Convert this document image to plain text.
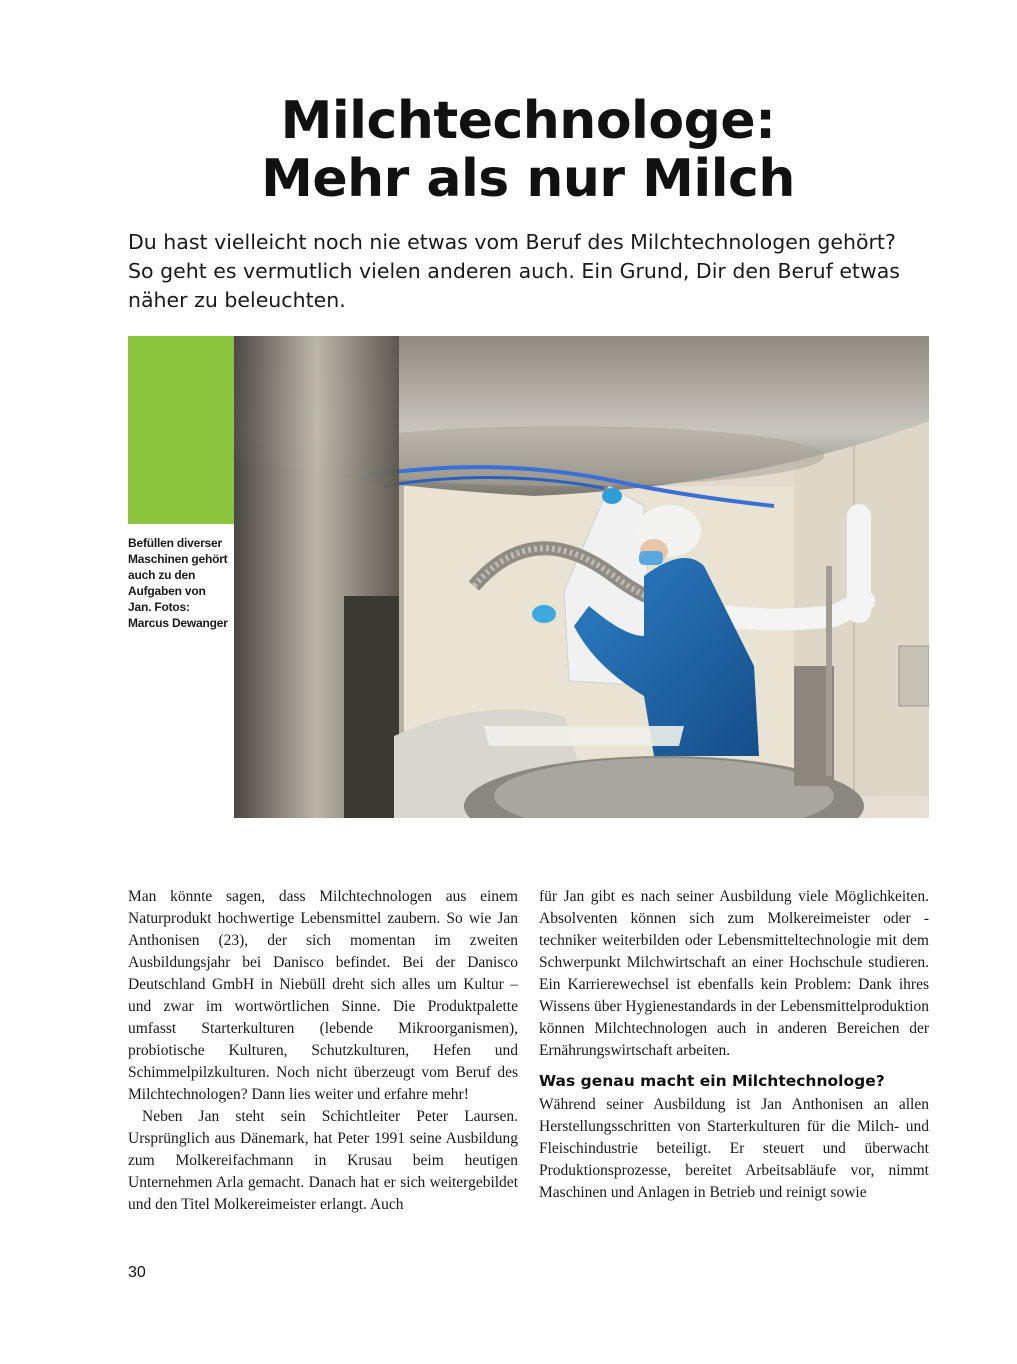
Milchtechnologe:
Mehr als nur Milch

Du hast vielleicht noch nie etwas vom Beruf des Milchtechnologen gehört? So geht es vermutlich vielen anderen auch. Ein Grund, Dir den Beruf etwas näher zu beleuchten.

Befüllen diverser Maschinen gehört auch zu den Aufgaben von Jan. Fotos: Marcus Dewanger

Man könnte sagen, dass Milchtechnologen aus einem Naturprodukt hochwertige Lebensmittel zaubern. So wie Jan Anthonisen (23), der sich momentan im zweiten Ausbildungsjahr bei Danisco befindet. Bei der Danisco Deutschland GmbH in Niebüll dreht sich alles um Kultur – und zwar im wortwörtlichen Sinne. Die Produktpalette umfasst Starterkulturen (lebende Mikroorganismen), probiotische Kulturen, Schutzkulturen, Hefen und Schimmelpilzkulturen. Noch nicht überzeugt vom Beruf des Milchtechnologen? Dann lies weiter und erfahre mehr!

Neben Jan steht sein Schichtleiter Peter Laursen. Ursprünglich aus Dänemark, hat Peter 1991 seine Ausbildung zum Molkereifachmann in Krusau beim heutigen Unternehmen Arla gemacht. Danach hat er sich weitergebildet und den Titel Molkereimeister erlangt. Auch

für Jan gibt es nach seiner Ausbildung viele Möglichkeiten. Absolventen können sich zum Molkereimeister oder -techniker weiterbilden oder Lebensmitteltechnologie mit dem Schwerpunkt Milchwirtschaft an einer Hochschule studieren. Ein Karrierewechsel ist ebenfalls kein Problem: Dank ihres Wissens über Hygienestandards in der Lebensmittelproduktion können Milchtechnologen auch in anderen Bereichen der Ernährungswirtschaft arbeiten.

Was genau macht ein Milchtechnologe?

Während seiner Ausbildung ist Jan Anthonisen an allen Herstellungsschritten von Starterkulturen für die Milch- und Fleischindustrie beteiligt. Er steuert und überwacht Produktionsprozesse, bereitet Arbeitsabläufe vor, nimmt Maschinen und Anlagen in Betrieb und reinigt sowie

30
